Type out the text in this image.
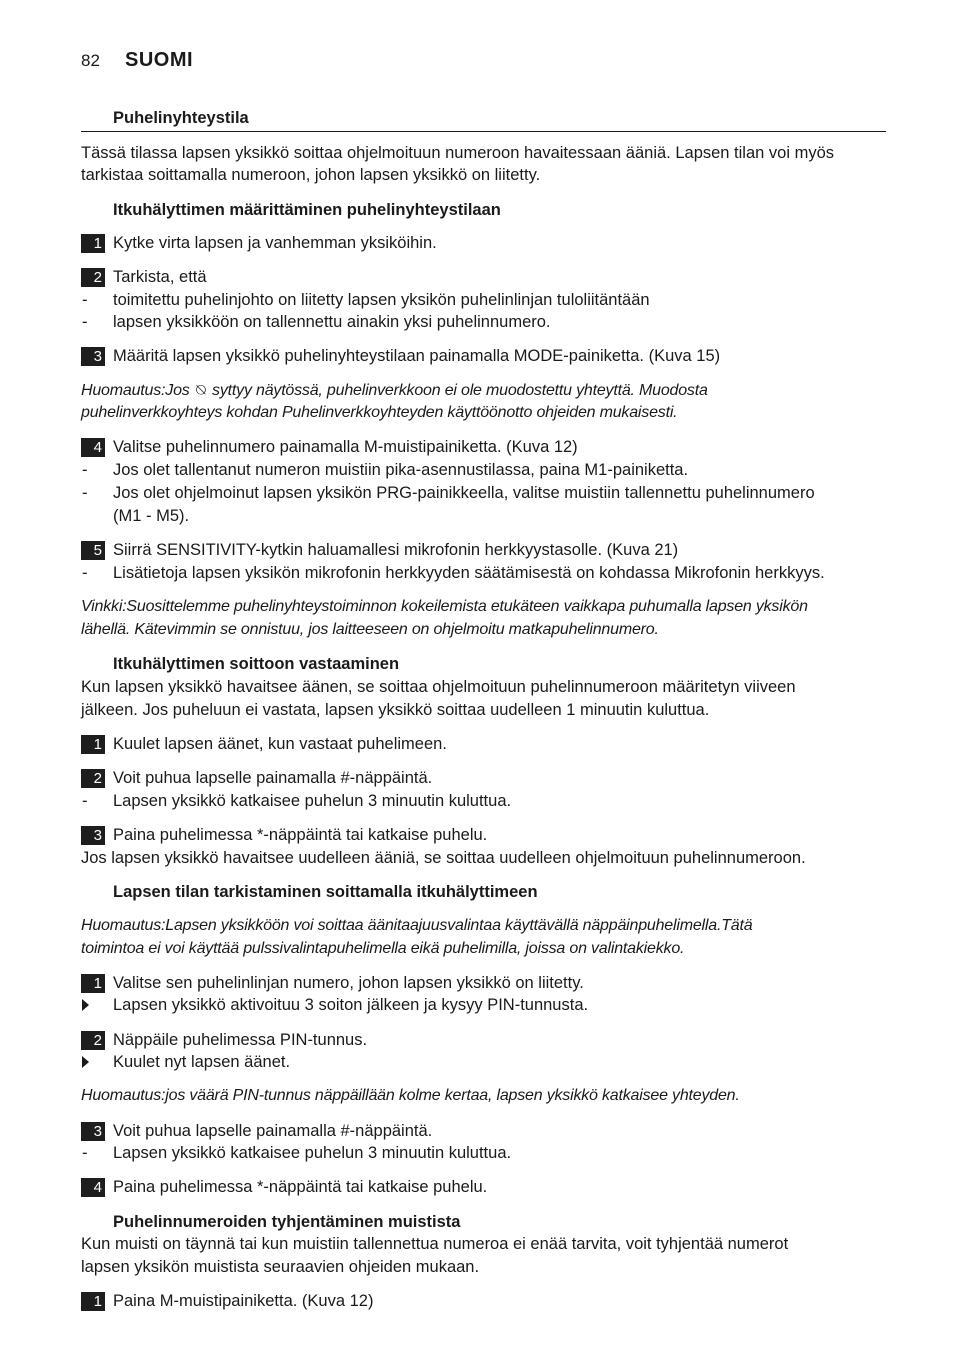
82 SUOMI
Puhelinyhteystila
Tässä tilassa lapsen yksikkö soittaa ohjelmoituun numeroon havaitessaan ääniä. Lapsen tilan voi myös
tarkistaa soittamalla numeroon, johon lapsen yksikkö on liitetty.
Itkuhälyttimen määrittäminen puhelinyhteystilaan
1 Kytke virta lapsen ja vanhemman yksiköihin.
2 Tarkista, että
- toimitettu puhelinjohto on liitetty lapsen yksikön puhelinlinjan tuloliitäntään
- lapsen yksikköön on tallennettu ainakin yksi puhelinnumero.
3 Määritä lapsen yksikkö puhelinyhteystilaan painamalla MODE-painiketta. (Kuva 15)
Huomautus:Jos ⍉ syttyy näytössä, puhelinverkkoon ei ole muodostettu yhteyttä. Muodosta
puhelinverkkoyhteys kohdan Puhelinverkkoyhteyden käyttöönotto ohjeiden mukaisesti.
4 Valitse puhelinnumero painamalla M-muistipainiketta. (Kuva 12)
- Jos olet tallentanut numeron muistiin pika-asennustilassa, paina M1-painiketta.
- Jos olet ohjelmoinut lapsen yksikön PRG-painikkeella, valitse muistiin tallennettu puhelinnumero
(M1 - M5).
5 Siirrä SENSITIVITY-kytkin haluamallesi mikrofonin herkkyystasolle. (Kuva 21)
- Lisätietoja lapsen yksikön mikrofonin herkkyyden säätämisestä on kohdassa Mikrofonin herkkyys.
Vinkki:Suosittelemme puhelinyhteystoiminnon kokeilemista etukäteen vaikkapa puhumalla lapsen yksikön
lähellä. Kätevimmin se onnistuu, jos laitteeseen on ohjelmoitu matkapuhelinnumero.
Itkuhälyttimen soittoon vastaaminen
Kun lapsen yksikkö havaitsee äänen, se soittaa ohjelmoituun puhelinnumeroon määritetyn viiveen
jälkeen. Jos puheluun ei vastata, lapsen yksikkö soittaa uudelleen 1 minuutin kuluttua.
1 Kuulet lapsen äänet, kun vastaat puhelimeen.
2 Voit puhua lapselle painamalla #-näppäintä.
- Lapsen yksikkö katkaisee puhelun 3 minuutin kuluttua.
3 Paina puhelimessa *-näppäintä tai katkaise puhelu.
Jos lapsen yksikkö havaitsee uudelleen ääniä, se soittaa uudelleen ohjelmoituun puhelinnumeroon.
Lapsen tilan tarkistaminen soittamalla itkuhälyttimeen
Huomautus:Lapsen yksikköön voi soittaa äänitaajuusvalintaa käyttävällä näppäinpuhelimella.Tätä
toimintoa ei voi käyttää pulssivalintapuhelimella eikä puhelimilla, joissa on valintakiekko.
1 Valitse sen puhelinlinjan numero, johon lapsen yksikkö on liitetty.
Lapsen yksikkö aktivoituu 3 soiton jälkeen ja kysyy PIN-tunnusta.
2 Näppäile puhelimessa PIN-tunnus.
Kuulet nyt lapsen äänet.
Huomautus:jos väärä PIN-tunnus näppäillään kolme kertaa, lapsen yksikkö katkaisee yhteyden.
3 Voit puhua lapselle painamalla #-näppäintä.
- Lapsen yksikkö katkaisee puhelun 3 minuutin kuluttua.
4 Paina puhelimessa *-näppäintä tai katkaise puhelu.
Puhelinnumeroiden tyhjentäminen muistista
Kun muisti on täynnä tai kun muistiin tallennettua numeroa ei enää tarvita, voit tyhjentää numerot
lapsen yksikön muistista seuraavien ohjeiden mukaan.
1 Paina M-muistipainiketta. (Kuva 12)
